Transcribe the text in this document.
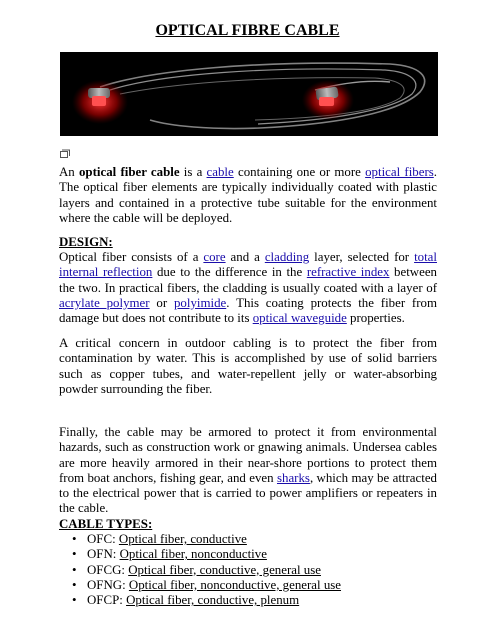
OPTICAL FIBRE CABLE
An optical fiber cable is a cable containing one or more optical fibers. The optical fiber elements are typically individually coated with plastic layers and contained in a protective tube suitable for the environment where the cable will be deployed.
DESIGN:
Optical fiber consists of a core and a cladding layer, selected for total internal reflection due to the difference in the refractive index between the two. In practical fibers, the cladding is usually coated with a layer of acrylate polymer or polyimide. This coating protects the fiber from damage but does not contribute to its optical waveguide properties.
A critical concern in outdoor cabling is to protect the fiber from contamination by water. This is accomplished by use of solid barriers such as copper tubes, and water-repellent jelly or water-absorbing powder surrounding the fiber.
Finally, the cable may be armored to protect it from environmental hazards, such as construction work or gnawing animals. Undersea cables are more heavily armored in their near-shore portions to protect them from boat anchors, fishing gear, and even sharks, which may be attracted to the electrical power that is carried to power amplifiers or repeaters in the cable.
CABLE TYPES:
• OFC: Optical fiber, conductive
• OFN: Optical fiber, nonconductive
• OFCG: Optical fiber, conductive, general use
• OFNG: Optical fiber, nonconductive, general use
• OFCP: Optical fiber, conductive, plenum
